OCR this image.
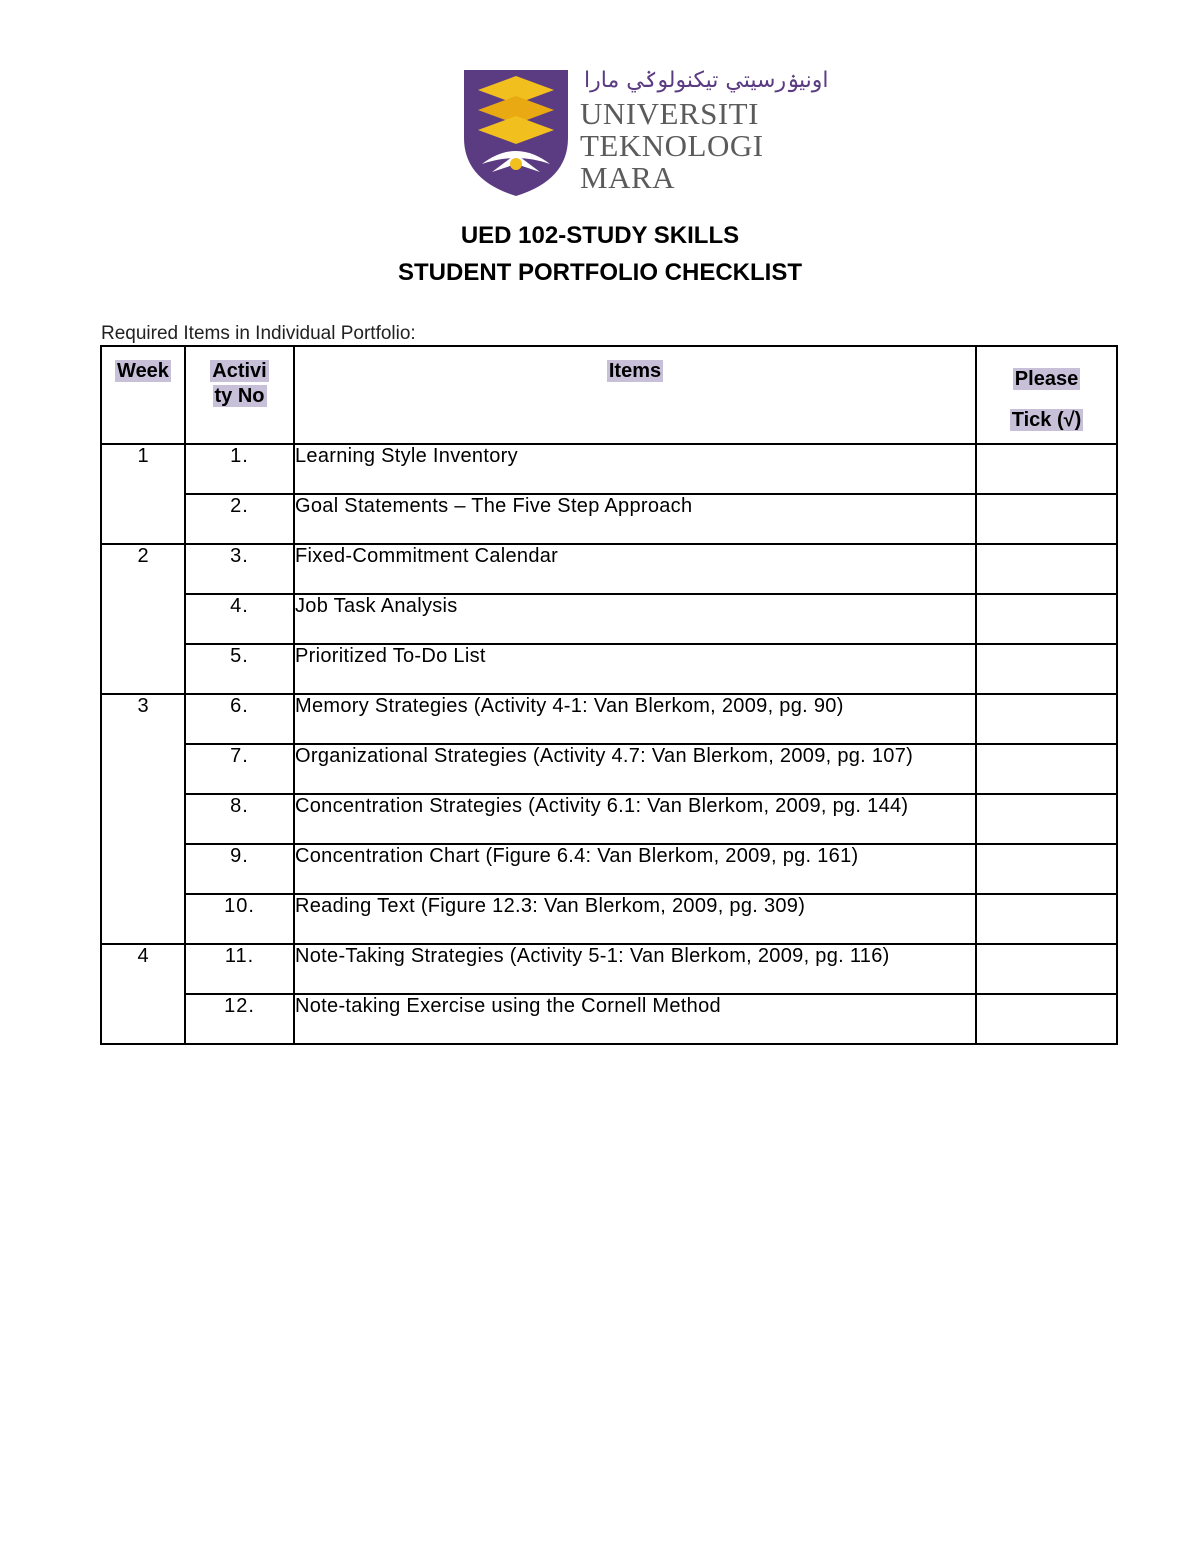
اونيۏرسيتي تيكنولوݢي مارا
UNIVERSITI
TEKNOLOGI
MARA
UED 102-STUDY SKILLS
STUDENT PORTFOLIO CHECKLIST
Required Items in Individual Portfolio:
Week	Activi
ty No	Items	Please
Tick (√)

1	1.	Learning Style Inventory	
	2.	Goal Statements – The Five Step Approach	
2	3.	Fixed-Commitment Calendar	
	4.	Job Task Analysis	
	5.	Prioritized To-Do List	
3	6.	Memory Strategies (Activity 4-1: Van Blerkom, 2009, pg. 90)	
	7.	Organizational Strategies (Activity 4.7: Van Blerkom, 2009, pg. 107)	
	8.	Concentration Strategies (Activity 6.1: Van Blerkom, 2009, pg. 144)	
	9.	Concentration Chart (Figure 6.4: Van Blerkom, 2009, pg. 161)	
	10.	Reading Text (Figure 12.3: Van Blerkom, 2009, pg. 309)	
4	11.	Note-Taking Strategies (Activity 5-1: Van Blerkom, 2009, pg. 116)	
	12.	Note-taking Exercise using the Cornell Method	
